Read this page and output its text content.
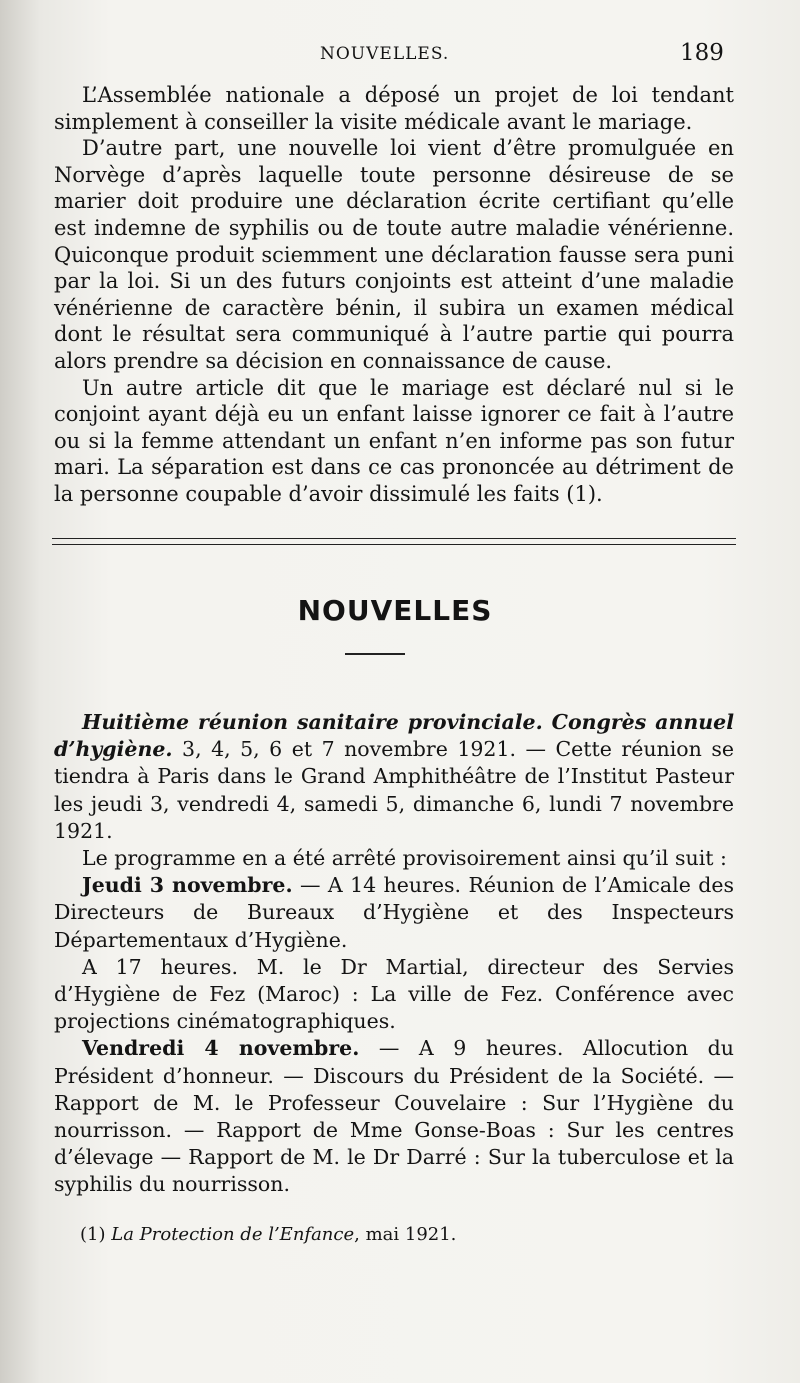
NOUVELLES.	189

L’Assemblée nationale a déposé un projet de loi tendant simplement à conseiller la visite médicale avant le mariage.

D’autre part, une nouvelle loi vient d’être promulguée en Norvège d’après laquelle toute personne désireuse de se marier doit produire une déclaration écrite certifiant qu’elle est indemne de syphilis ou de toute autre maladie vénérienne. Quiconque produit sciemment une déclaration fausse sera puni par la loi. Si un des futurs conjoints est atteint d’une maladie vénérienne de caractère bénin, il subira un examen médical dont le résultat sera communiqué à l’autre partie qui pourra alors prendre sa décision en connaissance de cause.

Un autre article dit que le mariage est déclaré nul si le conjoint ayant déjà eu un enfant laisse ignorer ce fait à l’autre ou si la femme attendant un enfant n’en informe pas son futur mari. La séparation est dans ce cas prononcée au détriment de la personne coupable d’avoir dissimulé les faits (1).

NOUVELLES

Huitième réunion sanitaire provinciale. Congrès annuel d’hygiène. 3, 4, 5, 6 et 7 novembre 1921. — Cette réunion se tiendra à Paris dans le Grand Amphithéâtre de l’Institut Pasteur les jeudi 3, vendredi 4, samedi 5, dimanche 6, lundi 7 novembre 1921.

Le programme en a été arrêté provisoirement ainsi qu’il suit :

Jeudi 3 novembre. — A 14 heures. Réunion de l’Amicale des Directeurs de Bureaux d’Hygiène et des Inspecteurs Départementaux d’Hygiène.

A 17 heures. M. le Dr Martial, directeur des Servies d’Hygiène de Fez (Maroc) : La ville de Fez. Conférence avec projections cinématographiques.

Vendredi 4 novembre. — A 9 heures. Allocution du Président d’honneur. — Discours du Président de la Société. — Rapport de M. le Professeur Couvelaire : Sur l’Hygiène du nourrisson. — Rapport de Mme Gonse-Boas : Sur les centres d’élevage — Rapport de M. le Dr Darré : Sur la tuberculose et la syphilis du nourrisson.

(1) La Protection de l’Enfance, mai 1921.
